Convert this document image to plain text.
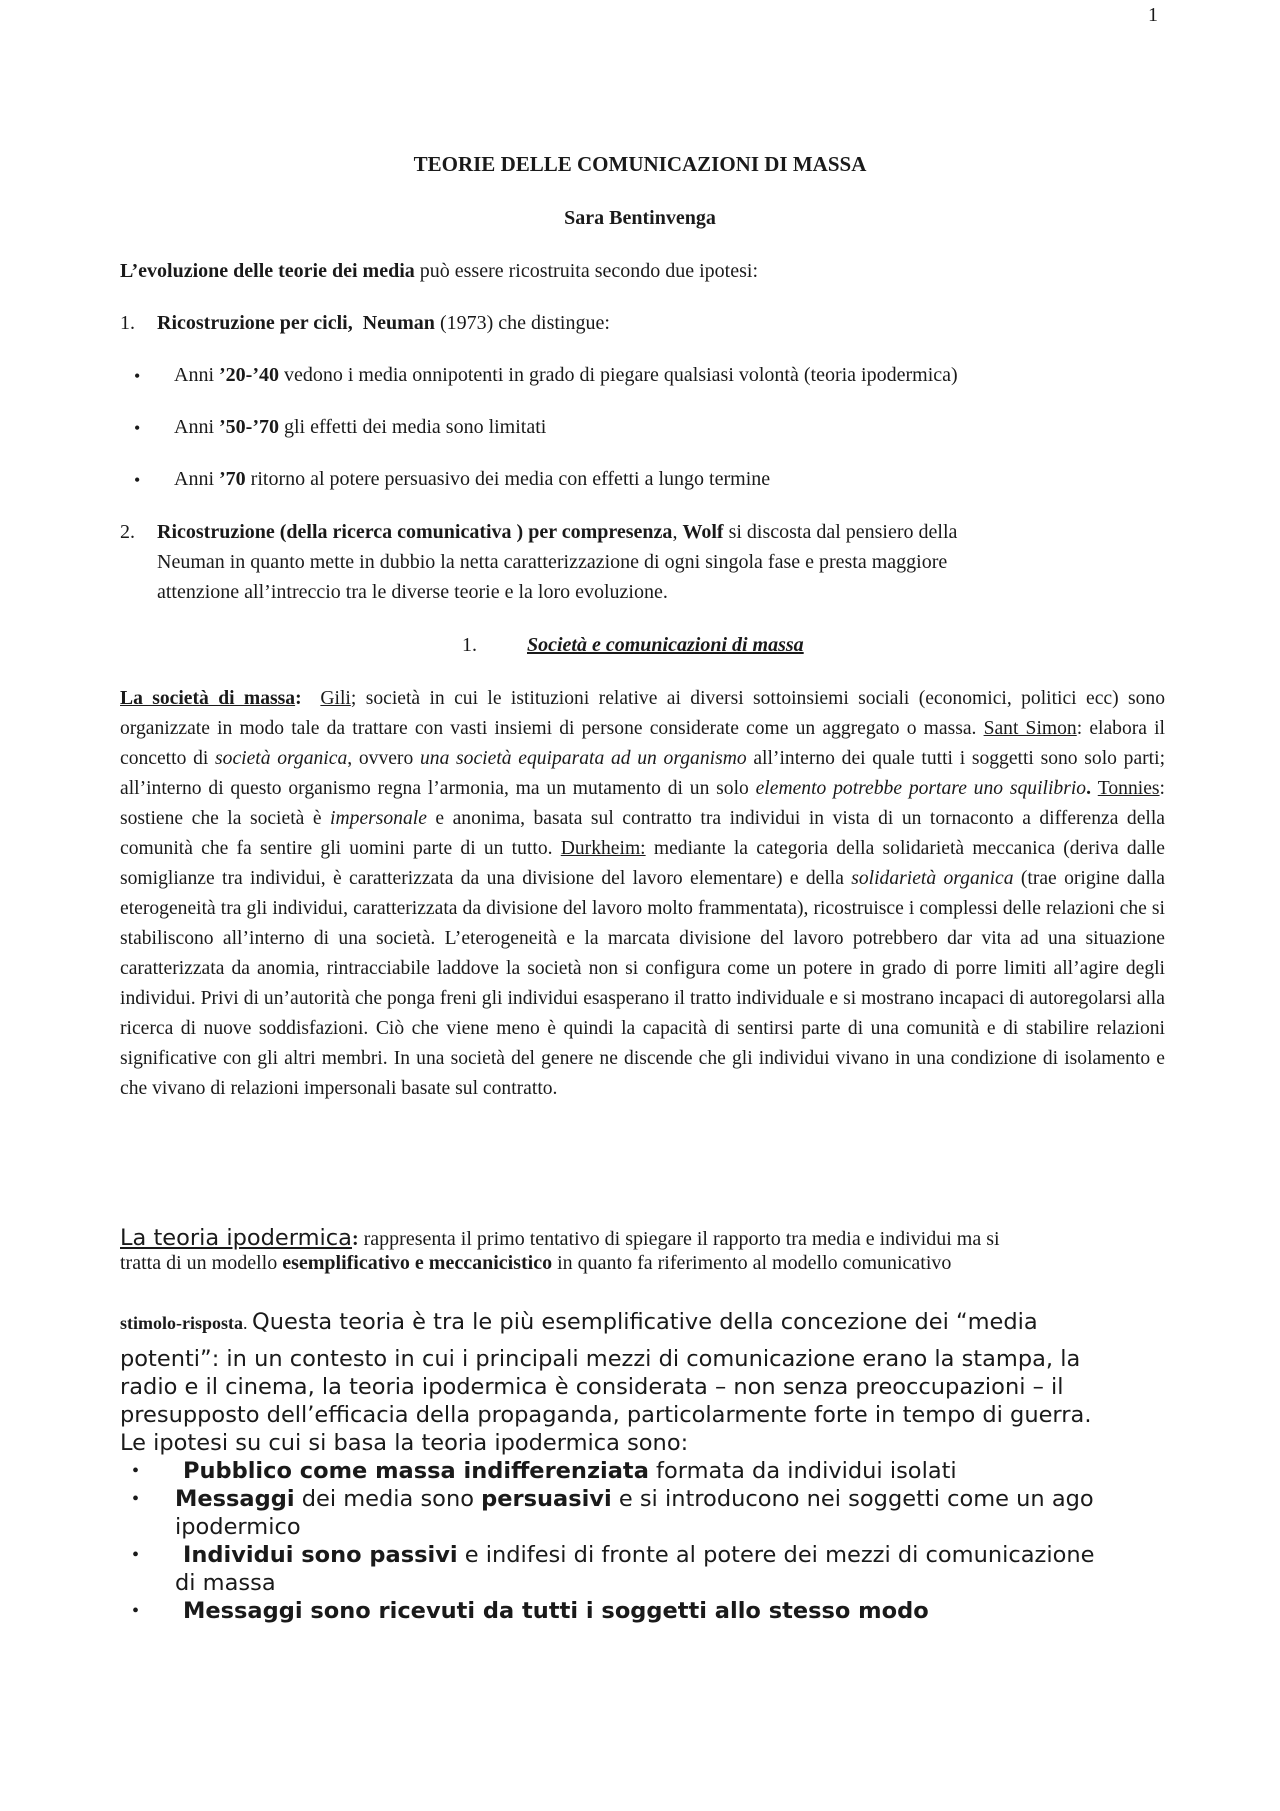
1
TEORIE DELLE COMUNICAZIONI DI MASSA
Sara Bentinvenga
L’evoluzione delle teorie dei media può essere ricostruita secondo due ipotesi:
1. Ricostruzione per cicli, Neuman (1973) che distingue:
• Anni ’20-’40 vedono i media onnipotenti in grado di piegare qualsiasi volontà (teoria ipodermica)
• Anni ’50-’70 gli effetti dei media sono limitati
• Anni ’70 ritorno al potere persuasivo dei media con effetti a lungo termine
2. Ricostruzione (della ricerca comunicativa ) per compresenza, Wolf si discosta dal pensiero della
Neuman in quanto mette in dubbio la netta caratterizzazione di ogni singola fase e presta maggiore
attenzione all’intreccio tra le diverse teorie e la loro evoluzione.
1.	Società e comunicazioni di massa
La società di massa: Gili; società in cui le istituzioni relative ai diversi sottoinsiemi sociali (economici, politici ecc) sono organizzate in modo tale da trattare con vasti insiemi di persone considerate come un aggregato o massa. Sant Simon: elabora il concetto di società organica, ovvero una società equiparata ad un organismo all’interno dei quale tutti i soggetti sono solo parti; all’interno di questo organismo regna l’armonia, ma un mutamento di un solo elemento potrebbe portare uno squilibrio. Tonnies: sostiene che la società è impersonale e anonima, basata sul contratto tra individui in vista di un tornaconto a differenza della comunità che fa sentire gli uomini parte di un tutto. Durkheim: mediante la categoria della solidarietà meccanica (deriva dalle somiglianze tra individui, è caratterizzata da una divisione del lavoro elementare) e della solidarietà organica (trae origine dalla eterogeneità tra gli individui, caratterizzata da divisione del lavoro molto frammentata), ricostruisce i complessi delle relazioni che si stabiliscono all’interno di una società. L’eterogeneità e la marcata divisione del lavoro potrebbero dar vita ad una situazione caratterizzata da anomia, rintracciabile laddove la società non si configura come un potere in grado di porre limiti all’agire degli individui. Privi di un’autorità che ponga freni gli individui esasperano il tratto individuale e si mostrano incapaci di autoregolarsi alla ricerca di nuove soddisfazioni. Ciò che viene meno è quindi la capacità di sentirsi parte di una comunità e di stabilire relazioni significative con gli altri membri. In una società del genere ne discende che gli individui vivano in una condizione di isolamento e che vivano di relazioni impersonali basate sul contratto.
La teoria ipodermica: rappresenta il primo tentativo di spiegare il rapporto tra media e individui ma si
tratta di un modello esemplificativo e meccanicistico in quanto fa riferimento al modello comunicativo
stimolo-risposta. Questa teoria è tra le più esemplificative della concezione dei “media
potenti”: in un contesto in cui i principali mezzi di comunicazione erano la stampa, la
radio e il cinema, la teoria ipodermica è considerata – non senza preoccupazioni – il
presupposto dell’efficacia della propaganda, particolarmente forte in tempo di guerra.
Le ipotesi su cui si basa la teoria ipodermica sono:
• Pubblico come massa indifferenziata formata da individui isolati
• Messaggi dei media sono persuasivi e si introducono nei soggetti come un ago
ipodermico
• Individui sono passivi e indifesi di fronte al potere dei mezzi di comunicazione
di massa
• Messaggi sono ricevuti da tutti i soggetti allo stesso modo
